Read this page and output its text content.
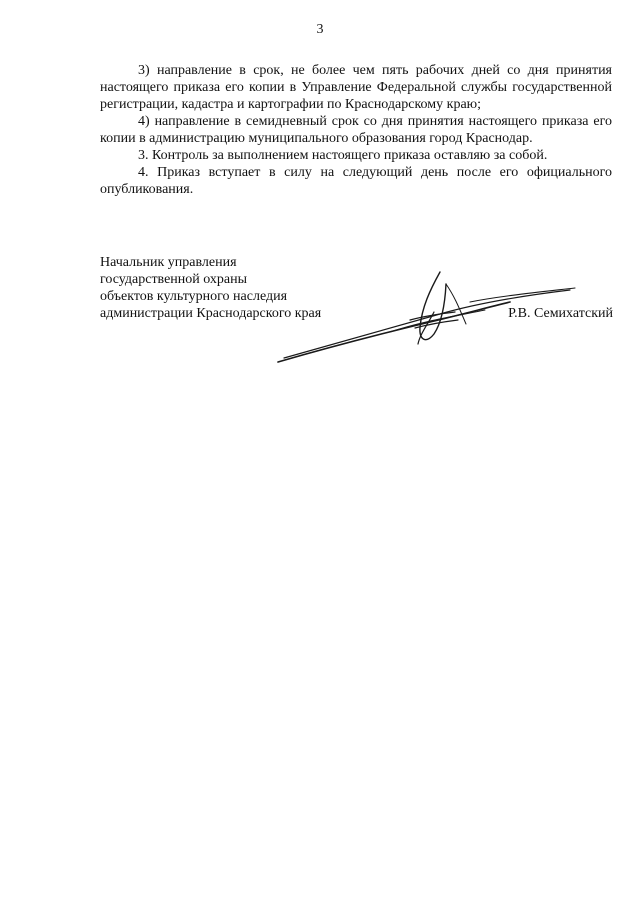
3

3) направление в срок, не более чем пять рабочих дней со дня принятия настоящего приказа его копии в Управление Федеральной службы государственной регистрации, кадастра и картографии по Краснодарскому краю;

4) направление в семидневный срок со дня принятия настоящего приказа его копии в администрацию муниципального образования город Краснодар.

3. Контроль за выполнением настоящего приказа оставляю за собой.

4. Приказ вступает в силу на следующий день после его официального опубликования.

Начальник управления
государственной охраны
объектов культурного наследия
администрации Краснодарского края	Р.В. Семихатский
